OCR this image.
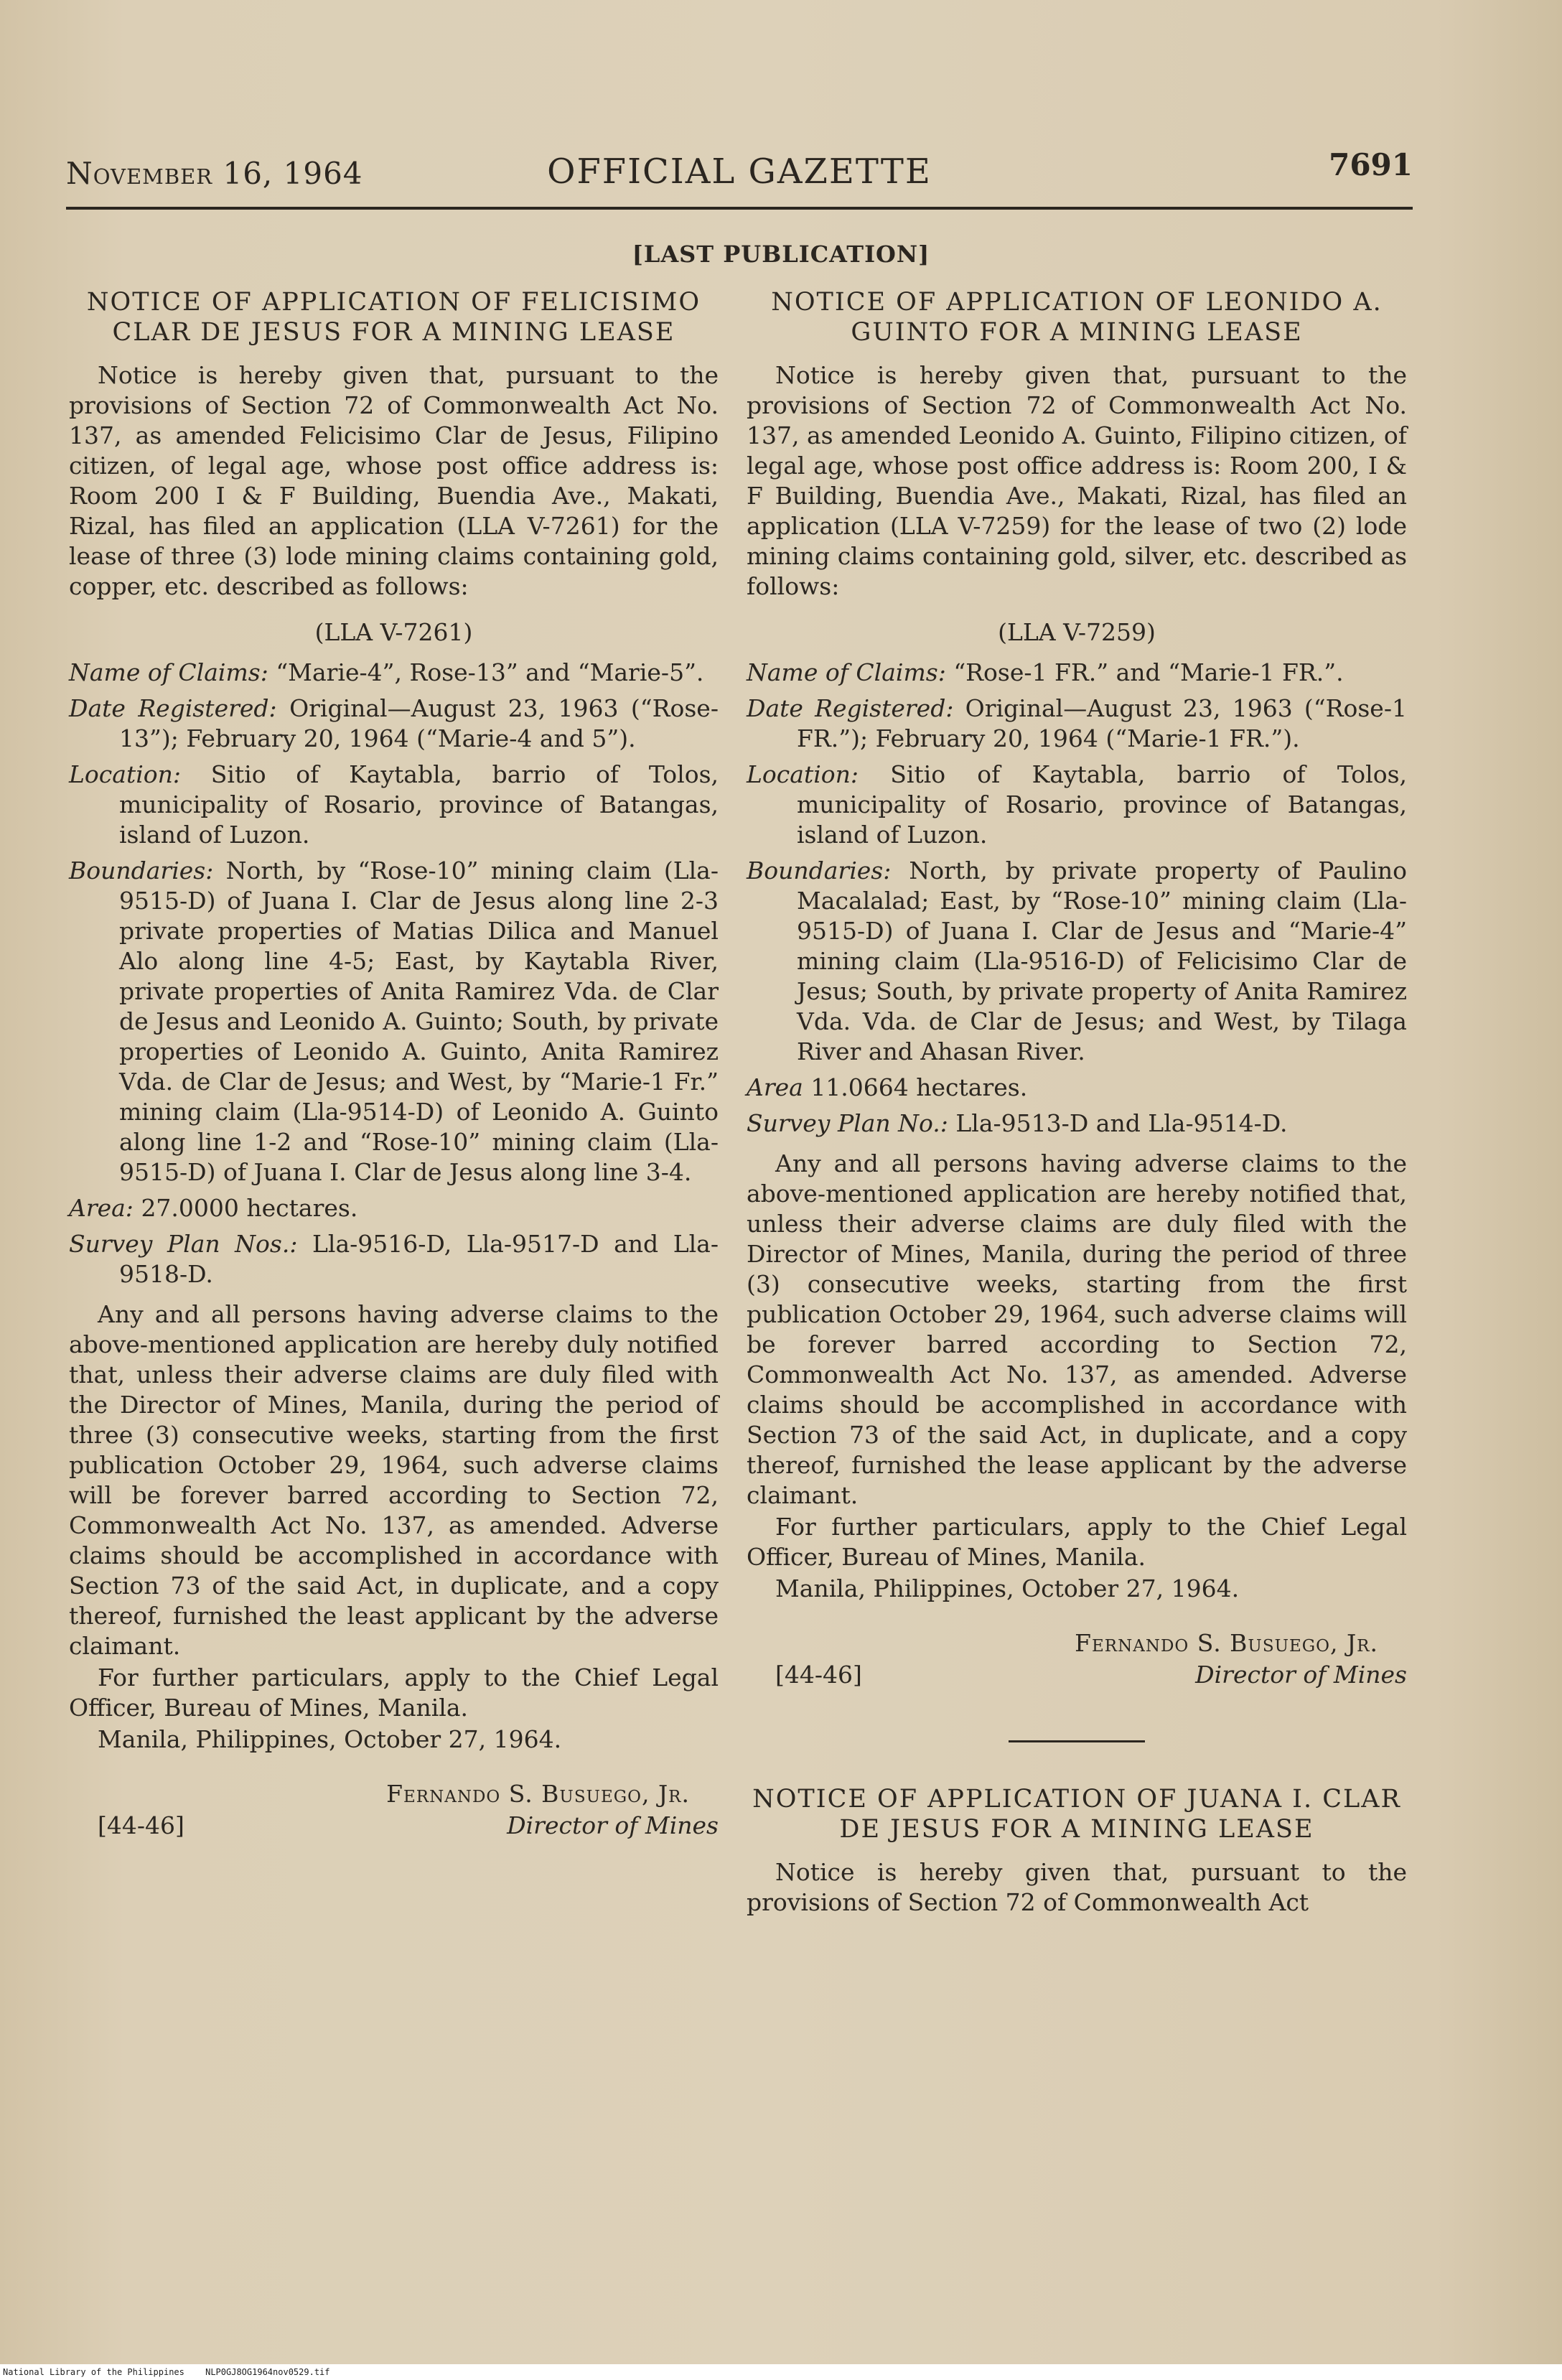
November 16, 1964	OFFICIAL GAZETTE	7691
[LAST PUBLICATION]
NOTICE OF APPLICATION OF FELICISIMO CLAR DE JESUS FOR A MINING LEASE

Notice is hereby given that, pursuant to the provisions of Section 72 of Commonwealth Act No. 137, as amended Felicisimo Clar de Jesus, Filipino citizen, of legal age, whose post office address is: Room 200 I & F Building, Buendia Ave., Makati, Rizal, has filed an application (LLA V-7261) for the lease of three (3) lode mining claims containing gold, copper, etc. described as follows:

(LLA V-7261)

Name of Claims: “Marie-4”, Rose-13” and “Marie-5”.
Date Registered: Original—August 23, 1963 (“Rose-13”); February 20, 1964 (“Marie-4 and 5”).
Location: Sitio of Kaytabla, barrio of Tolos, municipality of Rosario, province of Batangas, island of Luzon.
Boundaries: North, by “Rose-10” mining claim (Lla-9515-D) of Juana I. Clar de Jesus along line 2-3 private properties of Matias Dilica and Manuel Alo along line 4-5; East, by Kaytabla River, private properties of Anita Ramirez Vda. de Clar de Jesus and Leonido A. Guinto; South, by private properties of Leonido A. Guinto, Anita Ramirez Vda. de Clar de Jesus; and West, by “Marie-1 Fr.” mining claim (Lla-9514-D) of Leonido A. Guinto along line 1-2 and “Rose-10” mining claim (Lla-9515-D) of Juana I. Clar de Jesus along line 3-4.
Area: 27.0000 hectares.
Survey Plan Nos.: Lla-9516-D, Lla-9517-D and Lla-9518-D.

Any and all persons having adverse claims to the above-mentioned application are hereby duly notified that, unless their adverse claims are duly filed with the Director of Mines, Manila, during the period of three (3) consecutive weeks, starting from the first publication October 29, 1964, such adverse claims will be forever barred according to Section 72, Commonwealth Act No. 137, as amended. Adverse claims should be accomplished in accordance with Section 73 of the said Act, in duplicate, and a copy thereof, furnished the least applicant by the adverse claimant.

For further particulars, apply to the Chief Legal Officer, Bureau of Mines, Manila.

Manila, Philippines, October 27, 1964.

Fernando S. Busuego, Jr.
[44-46]	Director of Mines
NOTICE OF APPLICATION OF LEONIDO A. GUINTO FOR A MINING LEASE

Notice is hereby given that, pursuant to the provisions of Section 72 of Commonwealth Act No. 137, as amended Leonido A. Guinto, Filipino citizen, of legal age, whose post office address is: Room 200, I & F Building, Buendia Ave., Makati, Rizal, has filed an application (LLA V-7259) for the lease of two (2) lode mining claims containing gold, silver, etc. described as follows:

(LLA V-7259)

Name of Claims: “Rose-1 FR.” and “Marie-1 FR.”.
Date Registered: Original—August 23, 1963 (“Rose-1 FR.”); February 20, 1964 (“Marie-1 FR.”).
Location: Sitio of Kaytabla, barrio of Tolos, municipality of Rosario, province of Batangas, island of Luzon.
Boundaries: North, by private property of Paulino Macalalad; East, by “Rose-10” mining claim (Lla-9515-D) of Juana I. Clar de Jesus and “Marie-4” mining claim (Lla-9516-D) of Felicisimo Clar de Jesus; South, by private property of Anita Ramirez Vda. Vda. de Clar de Jesus; and West, by Tilaga River and Ahasan River.
Area 11.0664 hectares.
Survey Plan No.: Lla-9513-D and Lla-9514-D.

Any and all persons having adverse claims to the above-mentioned application are hereby notified that, unless their adverse claims are duly filed with the Director of Mines, Manila, during the period of three (3) consecutive weeks, starting from the first publication October 29, 1964, such adverse claims will be forever barred according to Section 72, Commonwealth Act No. 137, as amended. Adverse claims should be accomplished in accordance with Section 73 of the said Act, in duplicate, and a copy thereof, furnished the lease applicant by the adverse claimant.

For further particulars, apply to the Chief Legal Officer, Bureau of Mines, Manila.

Manila, Philippines, October 27, 1964.

Fernando S. Busuego, Jr.
[44-46]	Director of Mines
NOTICE OF APPLICATION OF JUANA I. CLAR DE JESUS FOR A MINING LEASE

Notice is hereby given that, pursuant to the provisions of Section 72 of Commonwealth Act

National Library of the Philippines NLP0GJ8OG1964nov0529.tif
